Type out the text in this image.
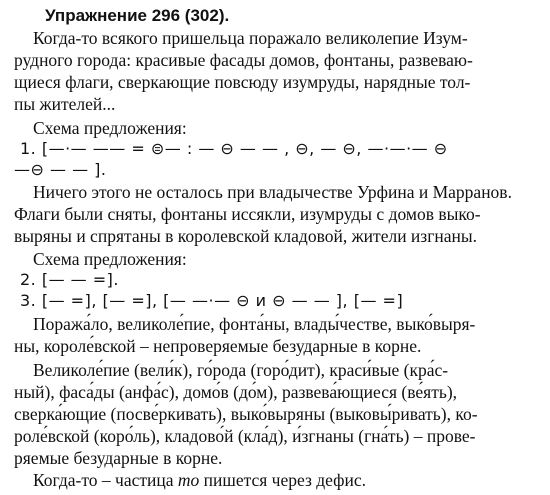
Упражнение 296 (302).
Когда-то всякого пришельца поражало великолепие Изум-
рудного города: красивые фасады домов, фонтаны, развеваю-
щиеся флаги, сверкающие повсюду изумруды, нарядные тол-
пы жителей...
Схема предложения:
1. [—·— —— = ⊜— : — ⊖ — — , ⊖, — ⊖, —·—·— ⊖
—⊖ — — ].
Ничего этого не осталось при владычестве Урфина и Марранов.
Флаги были сняты, фонтаны иссякли, изумруды с домов выко-
выряны и спрятаны в королевской кладовой, жители изгнаны.
Схема предложения:
2. [— — =].
3. [— =], [— =], [— —·— ⊖ и ⊖ — — ], [— =]
Поража́ло, великоле́пие, фонта́ны, влады́честве, выко́выря-
ны, короле́вской – непроверяемые безударные в корне.
Великоле́пие (вели́к), го́рода (горо́дит), краси́вые (кра́с-
ный), фаса́ды (анфа́с), домо́в (до́м), развева́ющиеся (ве́ять),
сверка́ющие (посве́ркивать), выко́выряны (выковы́ривать), ко-
роле́вской (коро́ль), кладово́й (кла́д), и́згнаны (гна́ть) – прове-
ряемые безударные в корне.
Когда-то – частица то пишется через дефис.
